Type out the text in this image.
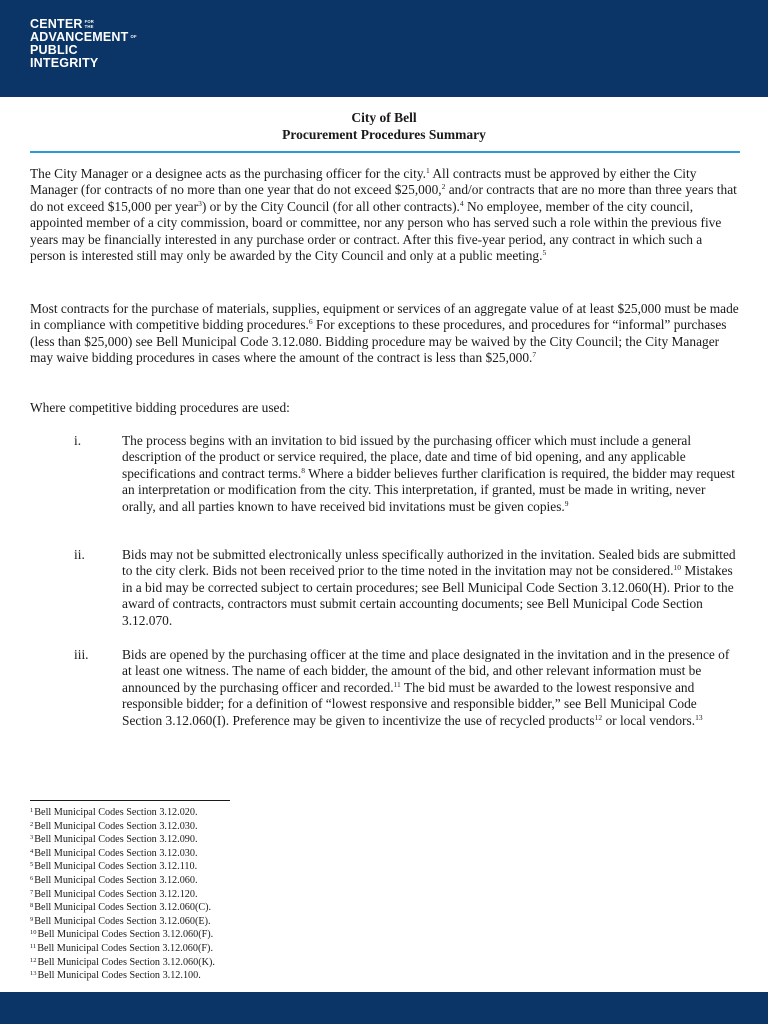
CENTER FOR
THE
ADVANCEMENT OF
PUBLIC
INTEGRITY
City of Bell
Procurement Procedures Summary

The City Manager or a designee acts as the purchasing officer for the city.$^1$ All contracts must be approved by either the City Manager (for contracts of no more than one year that do not exceed $25,000,$^2$ and/or contracts that are no more than three years that do not exceed $15,000 per year$^3$) or by the City Council (for all other contracts).$^4$ No employee, member of the city council, appointed member of a city commission, board or committee, nor any person who has served such a role within the previous five years may be financially interested in any purchase order or contract. After this five-year period, any contract in which such a person is interested still may only be awarded by the City Council and only at a public meeting.$^5$

Most contracts for the purchase of materials, supplies, equipment or services of an aggregate value of at least $25,000 must be made in compliance with competitive bidding procedures.$^6$ For exceptions to these procedures, and procedures for “informal” purchases (less than $25,000) see Bell Municipal Code 3.12.080. Bidding procedure may be waived by the City Council; the City Manager may waive bidding procedures in cases where the amount of the contract is less than $25,000.$^7$

Where competitive bidding procedures are used:

i.	The process begins with an invitation to bid issued by the purchasing officer which must include a general description of the product or service required, the place, date and time of bid opening, and any applicable specifications and contract terms.$^8$ Where a bidder believes further clarification is required, the bidder may request an interpretation or modification from the city. This interpretation, if granted, must be made in writing, never orally, and all parties known to have received bid invitations must be given copies.$^9$

ii.	Bids may not be submitted electronically unless specifically authorized in the invitation. Sealed bids are submitted to the city clerk. Bids not been received prior to the time noted in the invitation may not be considered.$^{10}$ Mistakes in a bid may be corrected subject to certain procedures; see Bell Municipal Code Section 3.12.060(H). Prior to the award of contracts, contractors must submit certain accounting documents; see Bell Municipal Code Section 3.12.070.

iii. Bids are opened by the purchasing officer at the time and place designated in the invitation and in the presence of at least one witness. The name of each bidder, the amount of the bid, and other relevant information must be announced by the purchasing officer and recorded.$^{11}$ The bid must be awarded to the lowest responsive and responsible bidder; for a definition of “lowest responsive and responsible bidder,” see Bell Municipal Code Section 3.12.060(I). Preference may be given to incentivize the use of recycled products$^{12}$ or local vendors.$^{13}$

$^1$Bell Municipal Codes Section 3.12.020.
$^2$Bell Municipal Codes Section 3.12.030.
$^3$Bell Municipal Codes Section 3.12.090.
$^4$Bell Municipal Codes Section 3.12.030.
$^5$Bell Municipal Codes Section 3.12.110.
$^6$Bell Municipal Codes Section 3.12.060.
$^7$Bell Municipal Codes Section 3.12.120.
$^8$Bell Municipal Codes Section 3.12.060(C).
$^9$Bell Municipal Codes Section 3.12.060(E).
$^{10}$Bell Municipal Codes Section 3.12.060(F).
$^{11}$Bell Municipal Codes Section 3.12.060(F).
$^{12}$Bell Municipal Codes Section 3.12.060(K).
$^{13}$Bell Municipal Codes Section 3.12.100.
